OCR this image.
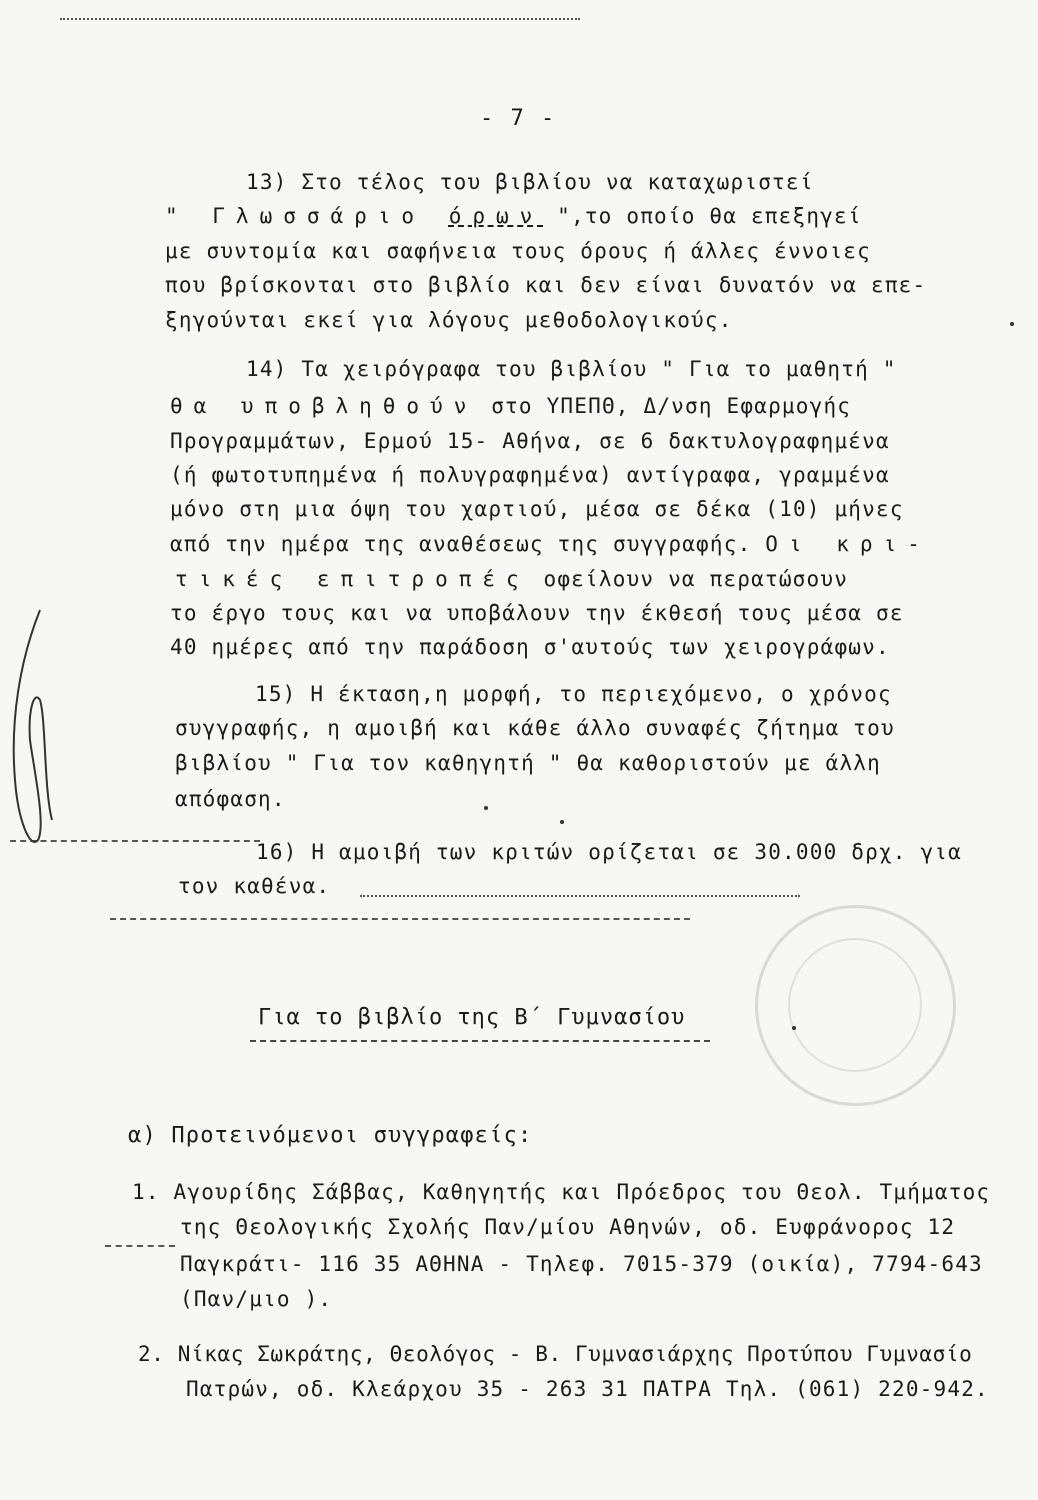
- 7 -
13) Στο τέλος του βιβλίου να καταχωριστεί
" Γλωσσάριο όρων ",το οποίο θα επεξηγεί
με συντομία και σαφήνεια τους όρους ή άλλες έννοιες
που βρίσκονται στο βιβλίο και δεν είναι δυνατόν να επε-
ξηγούνται εκεί για λόγους μεθοδολογικούς.
14) Τα χειρόγραφα του βιβλίου " Για το μαθητή "
θα υποβληθούν στο ΥΠΕΠΘ, Δ/νση Εφαρμογής
Προγραμμάτων, Ερμού 15- Αθήνα, σε 6 δακτυλογραφημένα
(ή φωτοτυπημένα ή πολυγραφημένα) αντίγραφα, γραμμένα
μόνο στη μια όψη του χαρτιού, μέσα σε δέκα (10) μήνες
από την ημέρα της αναθέσεως της συγγραφής. Οι κρι-
τικές επιτροπές οφείλουν να περατώσουν
το έργο τους και να υποβάλουν την έκθεσή τους μέσα σε
40 ημέρες από την παράδοση σ'αυτούς των χειρογράφων.
15) Η έκταση,η μορφή, το περιεχόμενο, ο χρόνος
συγγραφής, η αμοιβή και κάθε άλλο συναφές ζήτημα του
βιβλίου " Για τον καθηγητή " θα καθοριστούν με άλλη
απόφαση.
16) Η αμοιβή των κριτών ορίζεται σε 30.000 δρχ. για
τον καθένα.
Για το βιβλίο της Β΄ Γυμνασίου
α) Προτεινόμενοι συγγραφείς:
1. Αγουρίδης Σάββας, Καθηγητής και Πρόεδρος του Θεολ. Τμήματος
της Θεολογικής Σχολής Παν/μίου Αθηνών, οδ. Ευφράνορος 12
Παγκράτι- 116 35 ΑΘΗΝΑ - Τηλεφ. 7015-379 (οικία), 7794-643
(Παν/μιο ).
2. Νίκας Σωκράτης, Θεολόγος - Β. Γυμνασιάρχης Προτύπου Γυμνασίο
Πατρών, οδ. Κλεάρχου 35 - 263 31 ΠΑΤΡΑ Τηλ. (061) 220-942.
